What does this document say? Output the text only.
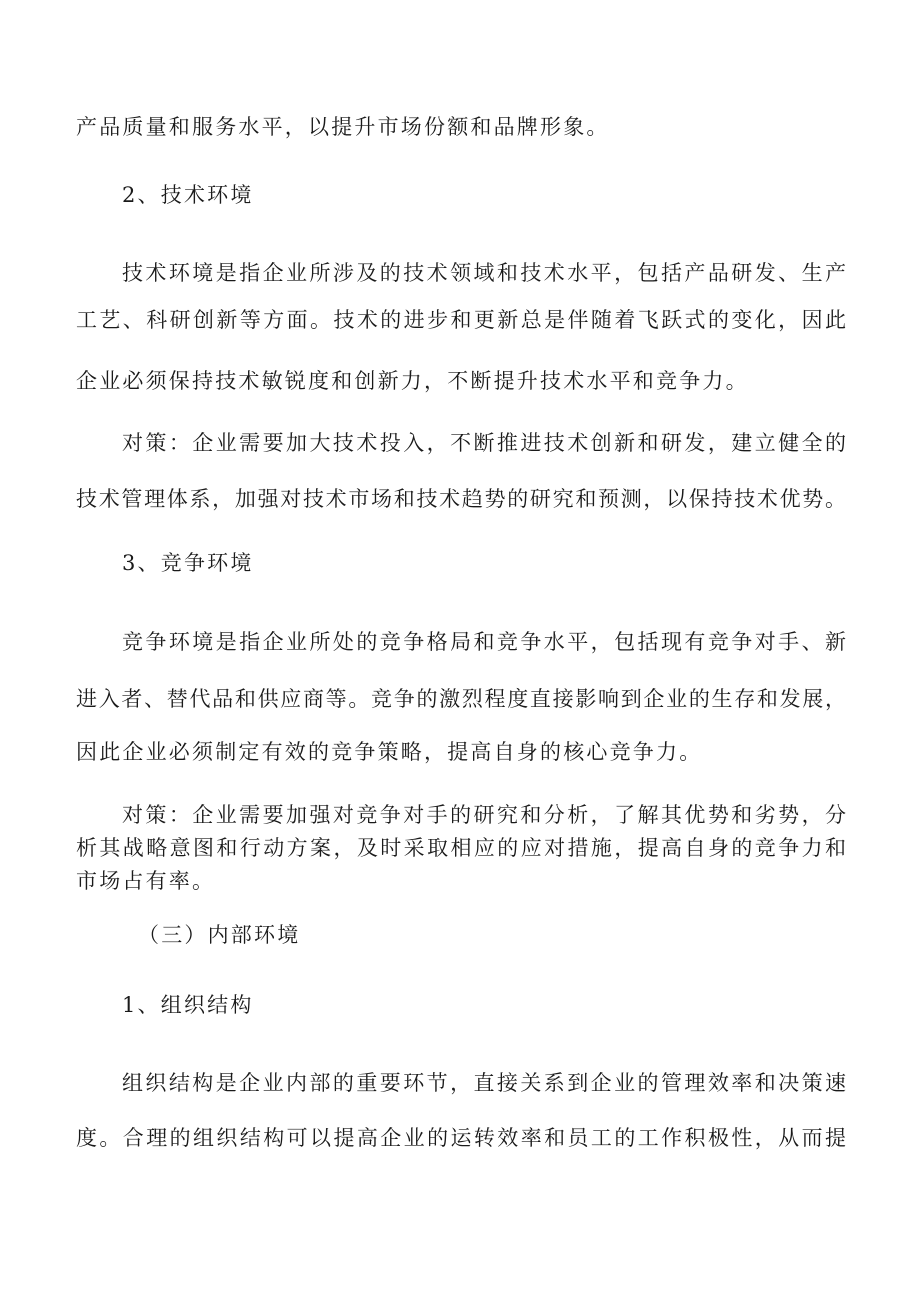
产品质量和服务水平，以提升市场份额和品牌形象。
2、技术环境
技术环境是指企业所涉及的技术领域和技术水平，包括产品研发、生产
工艺、科研创新等方面。技术的进步和更新总是伴随着飞跃式的变化，因此
企业必须保持技术敏锐度和创新力，不断提升技术水平和竞争力。
对策：企业需要加大技术投入，不断推进技术创新和研发，建立健全的
技术管理体系，加强对技术市场和技术趋势的研究和预测，以保持技术优势。
3、竞争环境
竞争环境是指企业所处的竞争格局和竞争水平，包括现有竞争对手、新
进入者、替代品和供应商等。竞争的激烈程度直接影响到企业的生存和发展，
因此企业必须制定有效的竞争策略，提高自身的核心竞争力。
对策：企业需要加强对竞争对手的研究和分析，了解其优势和劣势，分
析其战略意图和行动方案，及时采取相应的应对措施，提高自身的竞争力和
市场占有率。
（三）内部环境
1、组织结构
组织结构是企业内部的重要环节，直接关系到企业的管理效率和决策速
度。合理的组织结构可以提高企业的运转效率和员工的工作积极性，从而提
